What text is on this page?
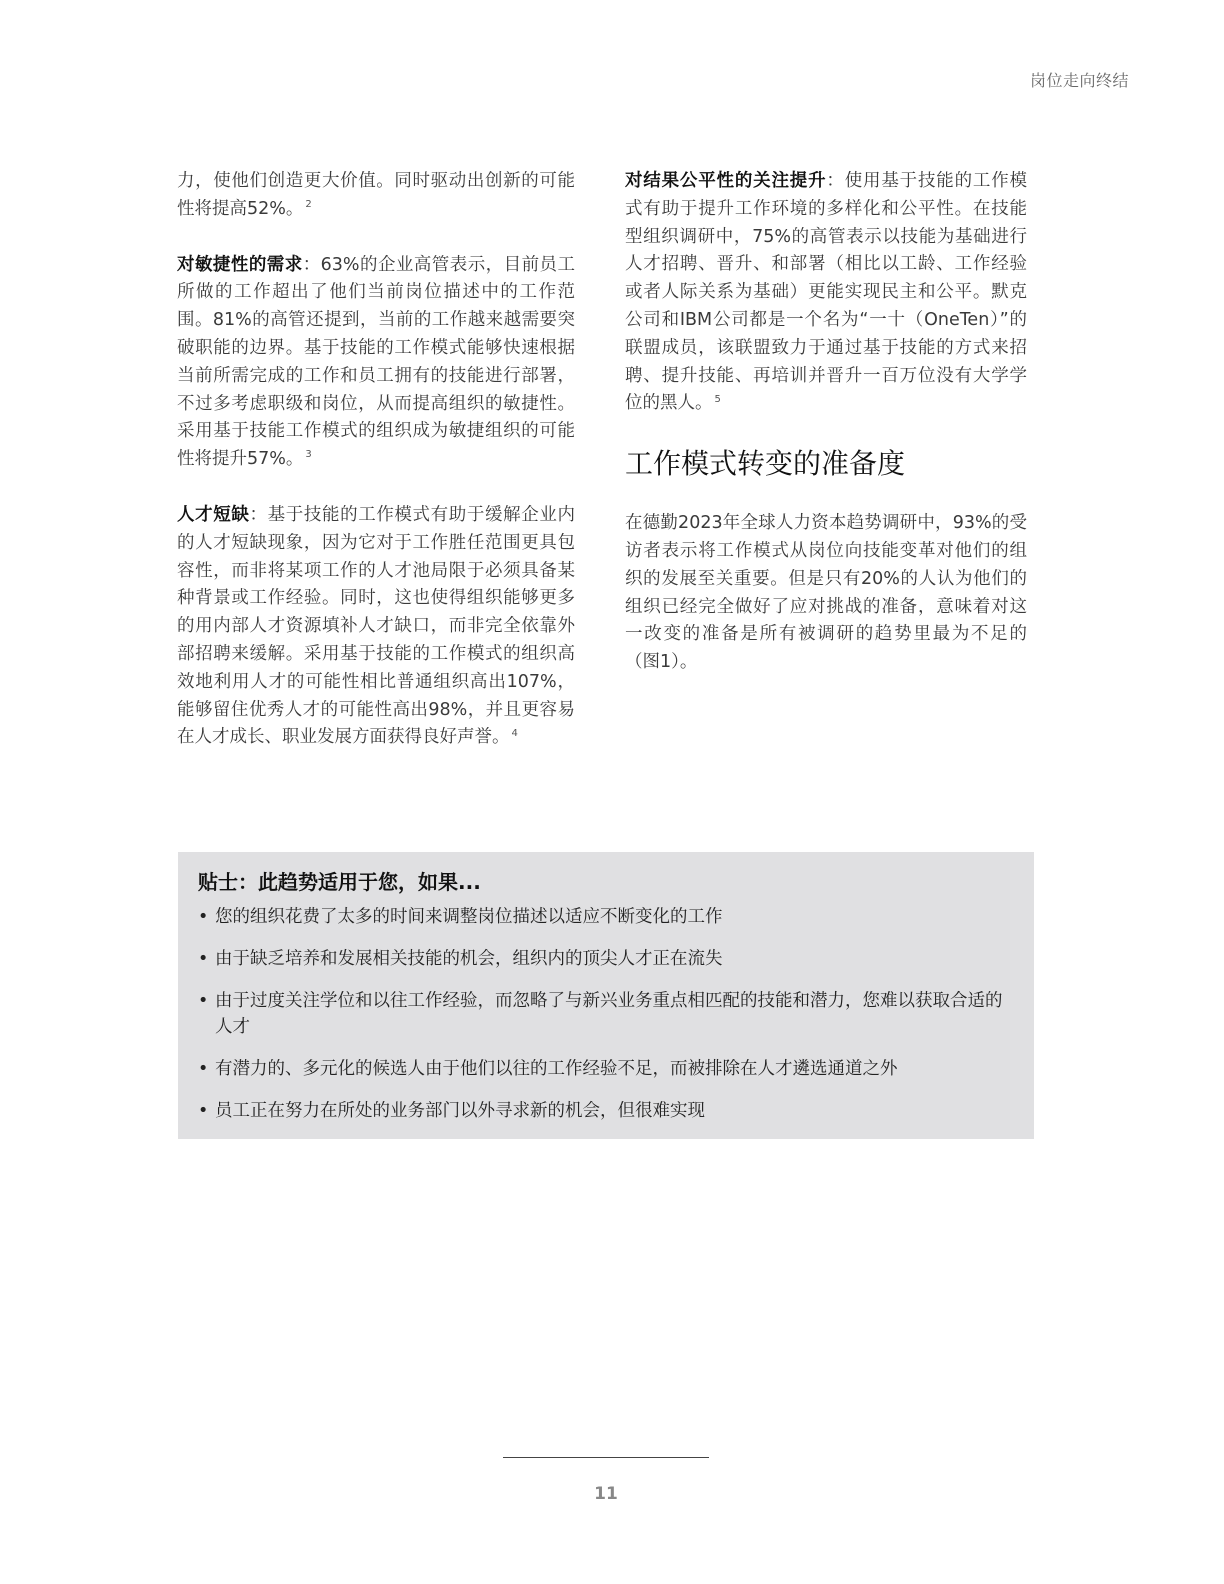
岗位走向终结

力，使他们创造更大价值。同时驱动出创新的可能性将提高52%。 $^2$

对敏捷性的需求：63%的企业高管表示，目前员工所做的工作超出了他们当前岗位描述中的工作范围。81%的高管还提到，当前的工作越来越需要突破职能的边界。基于技能的工作模式能够快速根据当前所需完成的工作和员工拥有的技能进行部署，不过多考虑职级和岗位，从而提高组织的敏捷性。采用基于技能工作模式的组织成为敏捷组织的可能性将提升57%。 $^3$

人才短缺：基于技能的工作模式有助于缓解企业内的人才短缺现象，因为它对于工作胜任范围更具包容性，而非将某项工作的人才池局限于必须具备某种背景或工作经验。同时，这也使得组织能够更多的用内部人才资源填补人才缺口，而非完全依靠外部招聘来缓解。采用基于技能的工作模式的组织高效地利用人才的可能性相比普通组织高出107%，能够留住优秀人才的可能性高出98%，并且更容易在人才成长、职业发展方面获得良好声誉。 $^4$

对结果公平性的关注提升：使用基于技能的工作模式有助于提升工作环境的多样化和公平性。在技能型组织调研中，75%的高管表示以技能为基础进行人才招聘、晋升、和部署（相比以工龄、工作经验或者人际关系为基础）更能实现民主和公平。默克公司和IBM公司都是一个名为“一十（OneTen）”的联盟成员，该联盟致力于通过基于技能的方式来招聘、提升技能、再培训并晋升一百万位没有大学学位的黑人。 $^5$

工作模式转变的准备度

在德勤2023年全球人力资本趋势调研中，93%的受访者表示将工作模式从岗位向技能变革对他们的组织的发展至关重要。但是只有20%的人认为他们的组织已经完全做好了应对挑战的准备，意味着对这一改变的准备是所有被调研的趋势里最为不足的（图1）。

贴士：此趋势适用于您，如果...
• 您的组织花费了太多的时间来调整岗位描述以适应不断变化的工作
• 由于缺乏培养和发展相关技能的机会，组织内的顶尖人才正在流失
• 由于过度关注学位和以往工作经验，而忽略了与新兴业务重点相匹配的技能和潜力，您难以获取合适的人才
• 有潜力的、多元化的候选人由于他们以往的工作经验不足，而被排除在人才遴选通道之外
• 员工正在努力在所处的业务部门以外寻求新的机会，但很难实现
11
